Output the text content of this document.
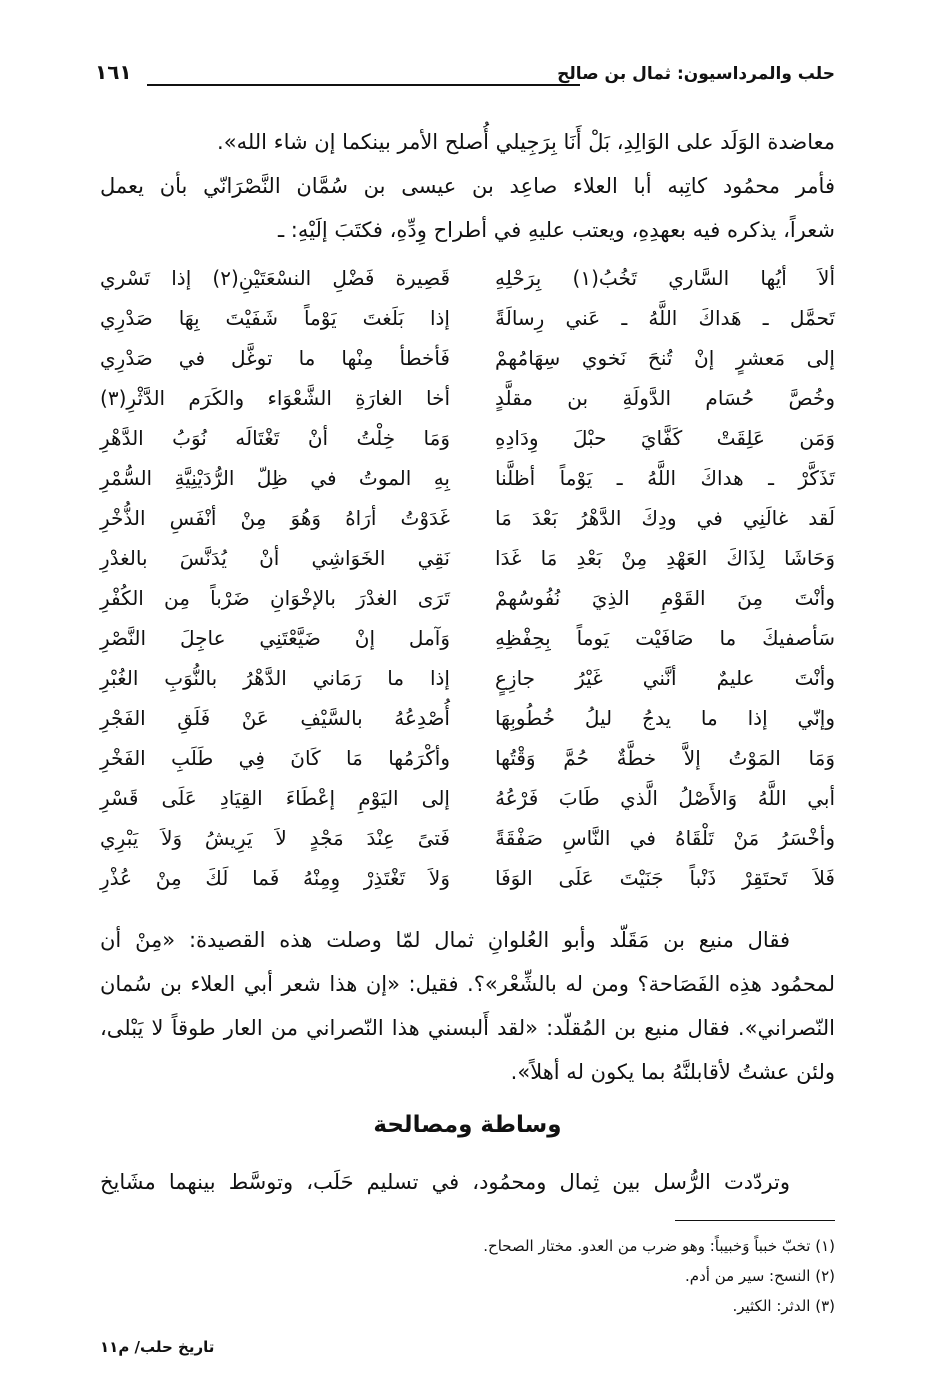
حلب والمرداسيون: ثمال بن صالح
١٦١
معاضدة الوَلَد على الوَالِدِ، بَلْ أَنَا بِرَجِيلي أُصلح الأمر بينكما إن شاء الله».
فأمر محمُود كاتِبه أبا العلاء صاعِد بن عيسى بن سُمَّان النَّصْرَانّي بأن يعمل
شعراً، يذكره فيه بعهدِهِ، ويعتب عليهِ في أطراح وِدِّهِ، فكتَبَ إلَيْهِ: ـ
ألاَ أيُها السَّاري تَخُبُ(١) بِرَحْلِهِ
قَصِيرة فَضْلِ النسْعَتَيْنِ(٢) إذا تَسْري
تَحمَّل ـ هَداكَ اللَّهُ ـ عَني رِسالَةً
إذا بَلَغتَ يَوْماً شَفَيْتَ بِهَا صَدْرِي
إلى مَعشرٍ إنْ تُنحَ نَخوي سِهَامُهمْ
فَأخطأ مِنْها ما توغَّل في صَدْرِي
وخُصَّ حُسَام الدَّولَةِ بن مقلَّدٍ
أخا الغارَةِ الشَّعْوَاء والكَرَم الدَّثْرِ(٣)
وَمَن عَلِقَتْ كَفَّايَ حبْلَ وِدَادِهِ
وَمَا خِلْتُ أنْ تَغْتَالَه نُوَبُ الدَّهْرِ
تَذَكَّرْ ـ هداكَ اللَّهُ ـ يَوْماً أظلَّنا
بِهِ الموتُ في ظِلّ الرُّدَيْنِيَّةِ السُّمْرِ
لَقد غالَنِي في ودِكَ الدَّهْرُ بَعْدَ مَا
غَدَوْتُ أرَاهُ وَهُوَ مِنْ أنْفَسِ الذُّخْرِ
وَحَاشَا لِذَاكَ العَهْدِ مِنْ بَعْدِ مَا غَدَا
نَقِي الخَوَاشِي أنْ يُدَنَّسَ بالغدْرِ
وأنْتَ مِنَ القَوْمِ الذِيَ نُفُوسُهمْ
تَرَى الغدْرَ بالإخْوَانِ ضَرْباً مِن الكُفْرِ
سَأصفيكَ ما صَافَيْت يَوماً بِحِفْظِهِ
وَآمل إنْ ضَيَّعْتَنِي عاجِلَ النَّصْرِ
وأنْتَ عليمٌ أنَّني غَيْرُ جازِعٍ
إذا ما رَمَاني الدَّهْرُ بالنُّوَبِ الغُبْرِ
وإنّي إذا ما يدجُ ليلُ خُطُوبِهَا
أُصْدِعُهُ بالسَّيْفِ عَنْ فَلَقِ الفَجْرِ
وَمَا المَوْتُ إلاَّ خطَّةٌ حُمَّ وَقْتُها
وأكْرَمُها مَا كَانَ فِي طَلَبِ الفَخْرِ
أبي اللَّهُ وَالأَصْلُ الَّذي طَابَ فَرْعُهُ
إلى اليَوْمِ إعْطَاءَ القِيَادِ عَلَى قَسْرِ
وأخْسَرُ مَنْ تَلْقَاهُ في النَّاسِ صَفْقَةً
فَتىً عِنْدَ مَجْدٍ لاَ يَرِيشُ وَلاَ يَبْرِي
فَلاَ تَحتَقِرْ ذَنْباً جَنَيْتَ عَلَى الوَفَا
وَلاَ تَغْتَذِرْ وِمِنْهُ فَما لَكَ مِنْ عُذْرِ
فقال منيع بن مَقَلّد وأبو العُلوانِ ثمال لمّا وصلت هذه القصيدة: «مِنْ أن
لمحمُود هذِه الفَصَاحة؟ ومن له بالشِّعْر»؟. فقيل: «إن هذا شعر أبي العلاء بن سُمان
النّصراني». فقال منيع بن المُقلّد: «لقد أَلبسني هذا النّصراني من العار طوقاً لا يَبْلى،
ولئن عشتُ لأقابلنَّهُ بما يكون له أهلاً».
وساطة ومصالحة
وتردّدت الرُّسل بين ثِمال ومحمُود، في تسليم حَلَب، وتوسَّط بينهما مشَايخ
(١) تخبّ خبباً وَخبيباً: وهو ضرب من العدو. مختار الصحاح.
(٢) النسح: سير من أدم.
(٣) الدثر: الكثير.
تاريخ حلب/ م١١
